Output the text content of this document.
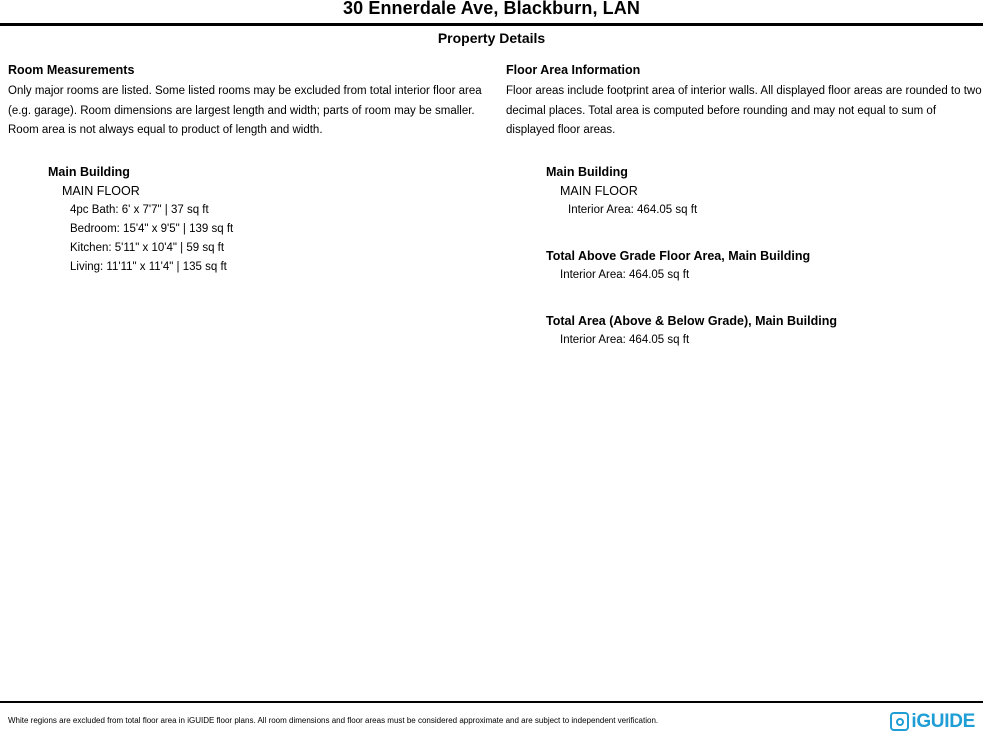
30 Ennerdale Ave, Blackburn, LAN
Property Details
Room Measurements

Only major rooms are listed. Some listed rooms may be excluded from total interior floor area (e.g. garage). Room dimensions are largest length and width; parts of room may be smaller. Room area is not always equal to product of length and width.

Main Building
MAIN FLOOR
4pc Bath: 6' x 7'7" | 37 sq ft
Bedroom: 15'4" x 9'5" | 139 sq ft
Kitchen: 5'11" x 10'4" | 59 sq ft
Living: 11'11" x 11'4" | 135 sq ft
Floor Area Information

Floor areas include footprint area of interior walls. All displayed floor areas are rounded to two decimal places. Total area is computed before rounding and may not equal to sum of displayed floor areas.

Main Building
MAIN FLOOR
Interior Area: 464.05 sq ft
Total Above Grade Floor Area, Main Building
Interior Area: 464.05 sq ft
Total Area (Above & Below Grade), Main Building
Interior Area: 464.05 sq ft
White regions are excluded from total floor area in iGUIDE floor plans. All room dimensions and floor areas must be considered approximate and are subject to independent verification.	iGUIDE
